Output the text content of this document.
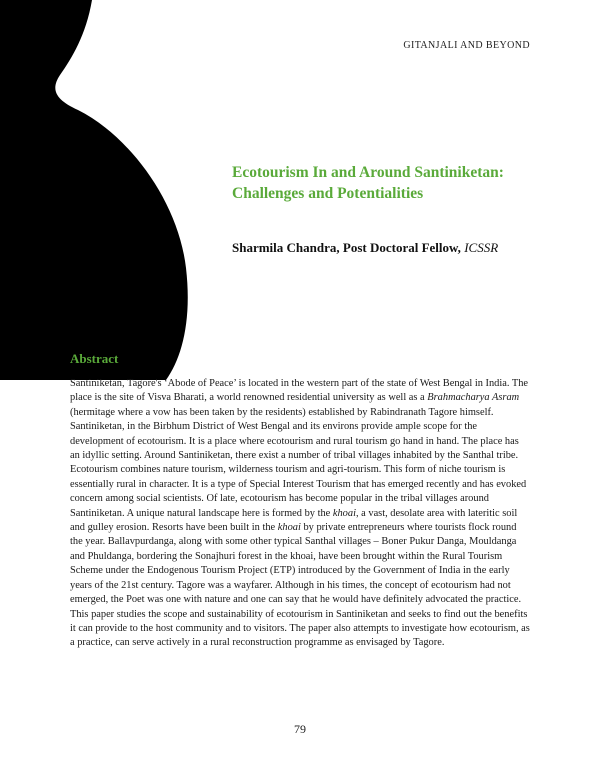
GITANJALI AND BEYOND
Ecotourism In and Around Santiniketan:
Challenges and Potentialities

Sharmila Chandra, Post Doctoral Fellow, ICSSR

Abstract

Santiniketan, Tagore's ‘Abode of Peace’ is located in the western part of the state of West Bengal in India. The place is the site of Visva Bharati, a world renowned residential university as well as a Brahmacharya Asram (hermitage where a vow has been taken by the residents) established by Rabindranath Tagore himself. Santiniketan, in the Birbhum District of West Bengal and its environs provide ample scope for the development of ecotourism. It is a place where ecotourism and rural tourism go hand in hand. The place has an idyllic setting. Around Santiniketan, there exist a number of tribal villages inhabited by the Santhal tribe. Ecotourism combines nature tourism, wilderness tourism and agri-tourism. This form of niche tourism is essentially rural in character. It is a type of Special Interest Tourism that has emerged recently and has evoked concern among social scientists. Of late, ecotourism has become popular in the tribal villages around Santiniketan. A unique natural landscape here is formed by the khoai, a vast, desolate area with lateritic soil and gulley erosion. Resorts have been built in the khoai by private entrepreneurs where tourists flock round the year. Ballavpurdanga, along with some other typical Santhal villages – Boner Pukur Danga, Mouldanga and Phuldanga, bordering the Sonajhuri forest in the khoai, have been brought within the Rural Tourism Scheme under the Endogenous Tourism Project (ETP) introduced by the Government of India in the early years of the 21st century. Tagore was a wayfarer. Although in his times, the concept of ecotourism had not emerged, the Poet was one with nature and one can say that he would have definitely advocated the practice. This paper studies the scope and sustainability of ecotourism in Santiniketan and seeks to find out the benefits it can provide to the host community and to visitors. The paper also attempts to investigate how ecotourism, as a practice, can serve actively in a rural reconstruction programme as envisaged by Tagore.

79
